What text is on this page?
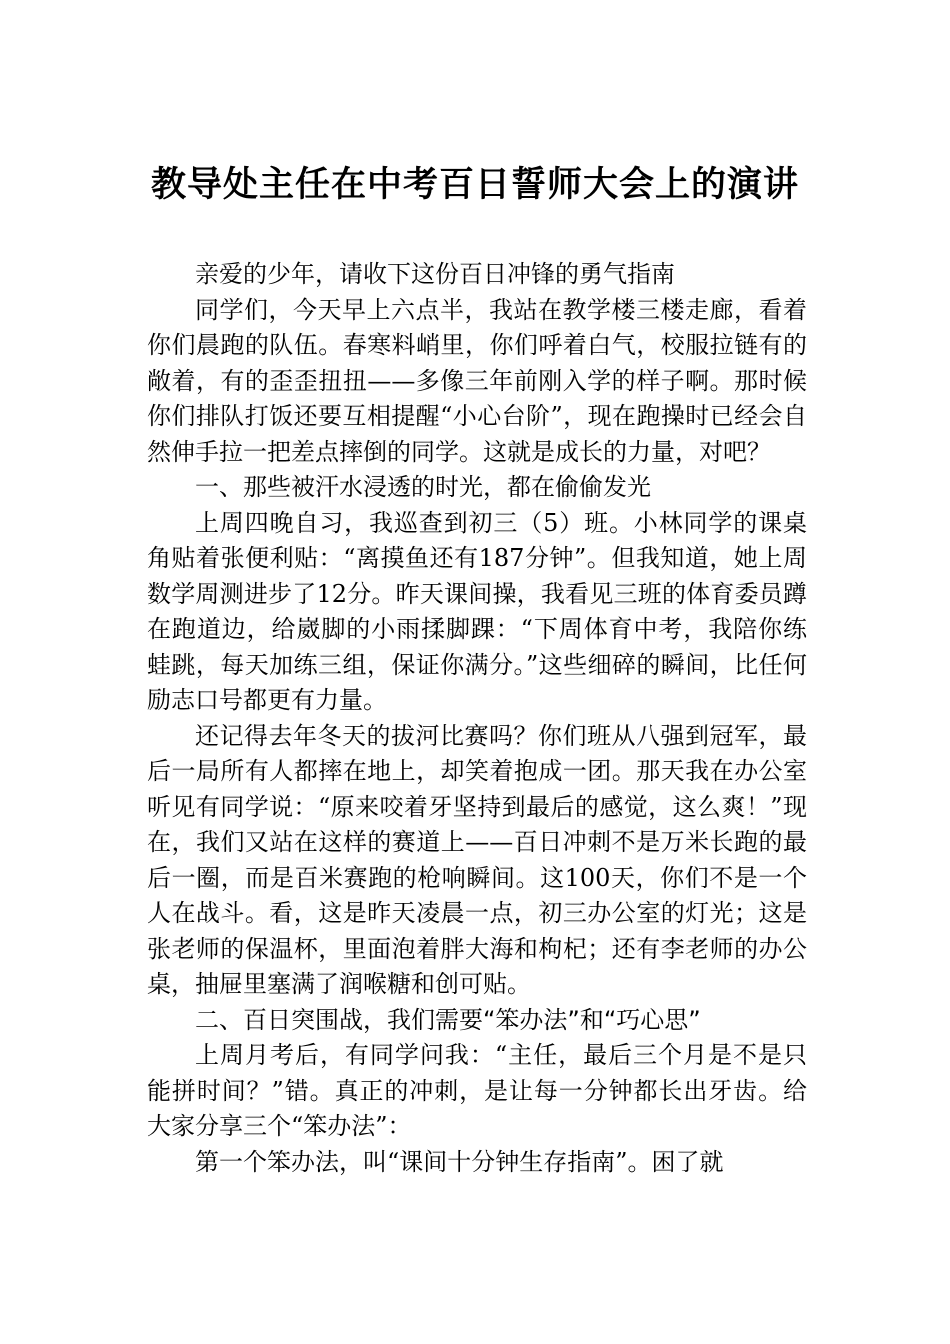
教导处主任在中考百日誓师大会上的演讲

亲爱的少年，请收下这份百日冲锋的勇气指南

同学们，今天早上六点半，我站在教学楼三楼走廊，看着你们晨跑的队伍。春寒料峭里，你们呼着白气，校服拉链有的敞着，有的歪歪扭扭——多像三年前刚入学的样子啊。那时候你们排队打饭还要互相提醒“小心台阶”，现在跑操时已经会自然伸手拉一把差点摔倒的同学。这就是成长的力量，对吧？

一、那些被汗水浸透的时光，都在偷偷发光

上周四晚自习，我巡查到初三（5）班。小林同学的课桌角贴着张便利贴：“离摸鱼还有187分钟”。但我知道，她上周数学周测进步了12分。昨天课间操，我看见三班的体育委员蹲在跑道边，给崴脚的小雨揉脚踝：“下周体育中考，我陪你练蛙跳，每天加练三组，保证你满分。”这些细碎的瞬间，比任何励志口号都更有力量。

还记得去年冬天的拔河比赛吗？你们班从八强到冠军，最后一局所有人都摔在地上，却笑着抱成一团。那天我在办公室听见有同学说：“原来咬着牙坚持到最后的感觉，这么爽！”现在，我们又站在这样的赛道上——百日冲刺不是万米长跑的最后一圈，而是百米赛跑的枪响瞬间。这100天，你们不是一个人在战斗。看，这是昨天凌晨一点，初三办公室的灯光；这是张老师的保温杯，里面泡着胖大海和枸杞；还有李老师的办公桌，抽屉里塞满了润喉糖和创可贴。

二、百日突围战，我们需要“笨办法”和“巧心思”

上周月考后，有同学问我：“主任，最后三个月是不是只能拼时间？”错。真正的冲刺，是让每一分钟都长出牙齿。给大家分享三个“笨办法”：

第一个笨办法，叫“课间十分钟生存指南”。困了就
